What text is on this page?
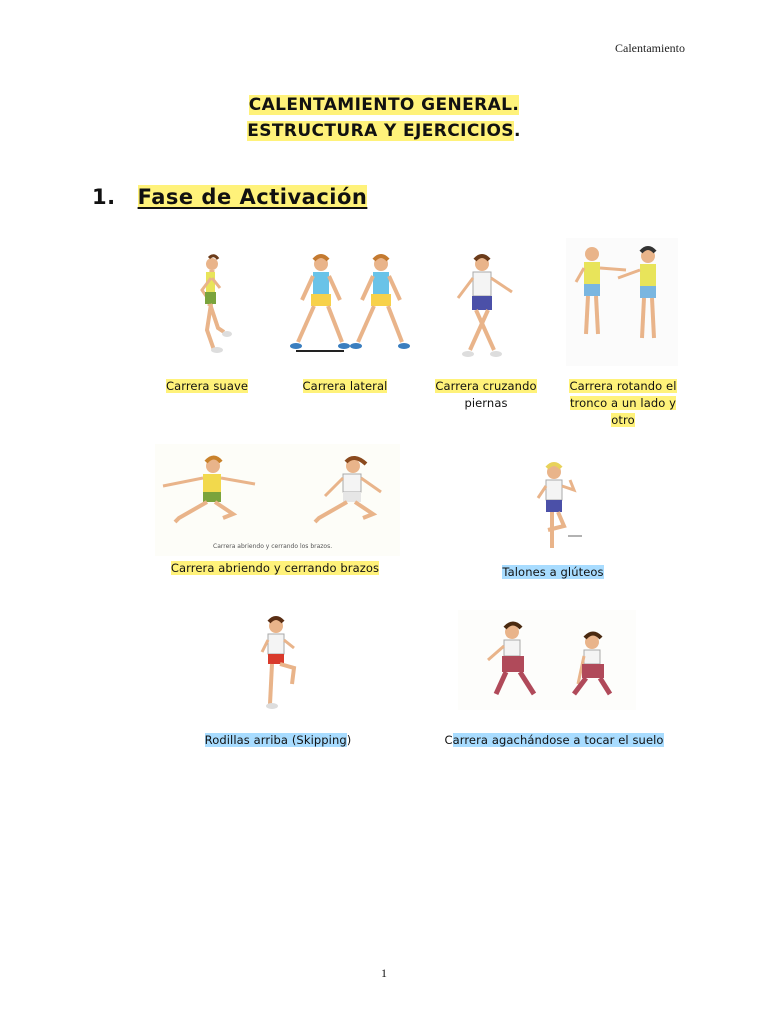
Calentamiento
CALENTAMIENTO GENERAL.
ESTRUCTURA Y EJERCICIOS.
1. Fase de Activación
Carrera suave	Carrera lateral	Carrera cruzando
piernas
Carrera rotando el
tronco a un lado y
otro
Carrera abriendo y cerrando los brazos.
Carrera abriendo y cerrando brazos	Talones a glúteos
Rodillas arriba (Skipping)	Carrera agachándose a tocar el suelo
1
